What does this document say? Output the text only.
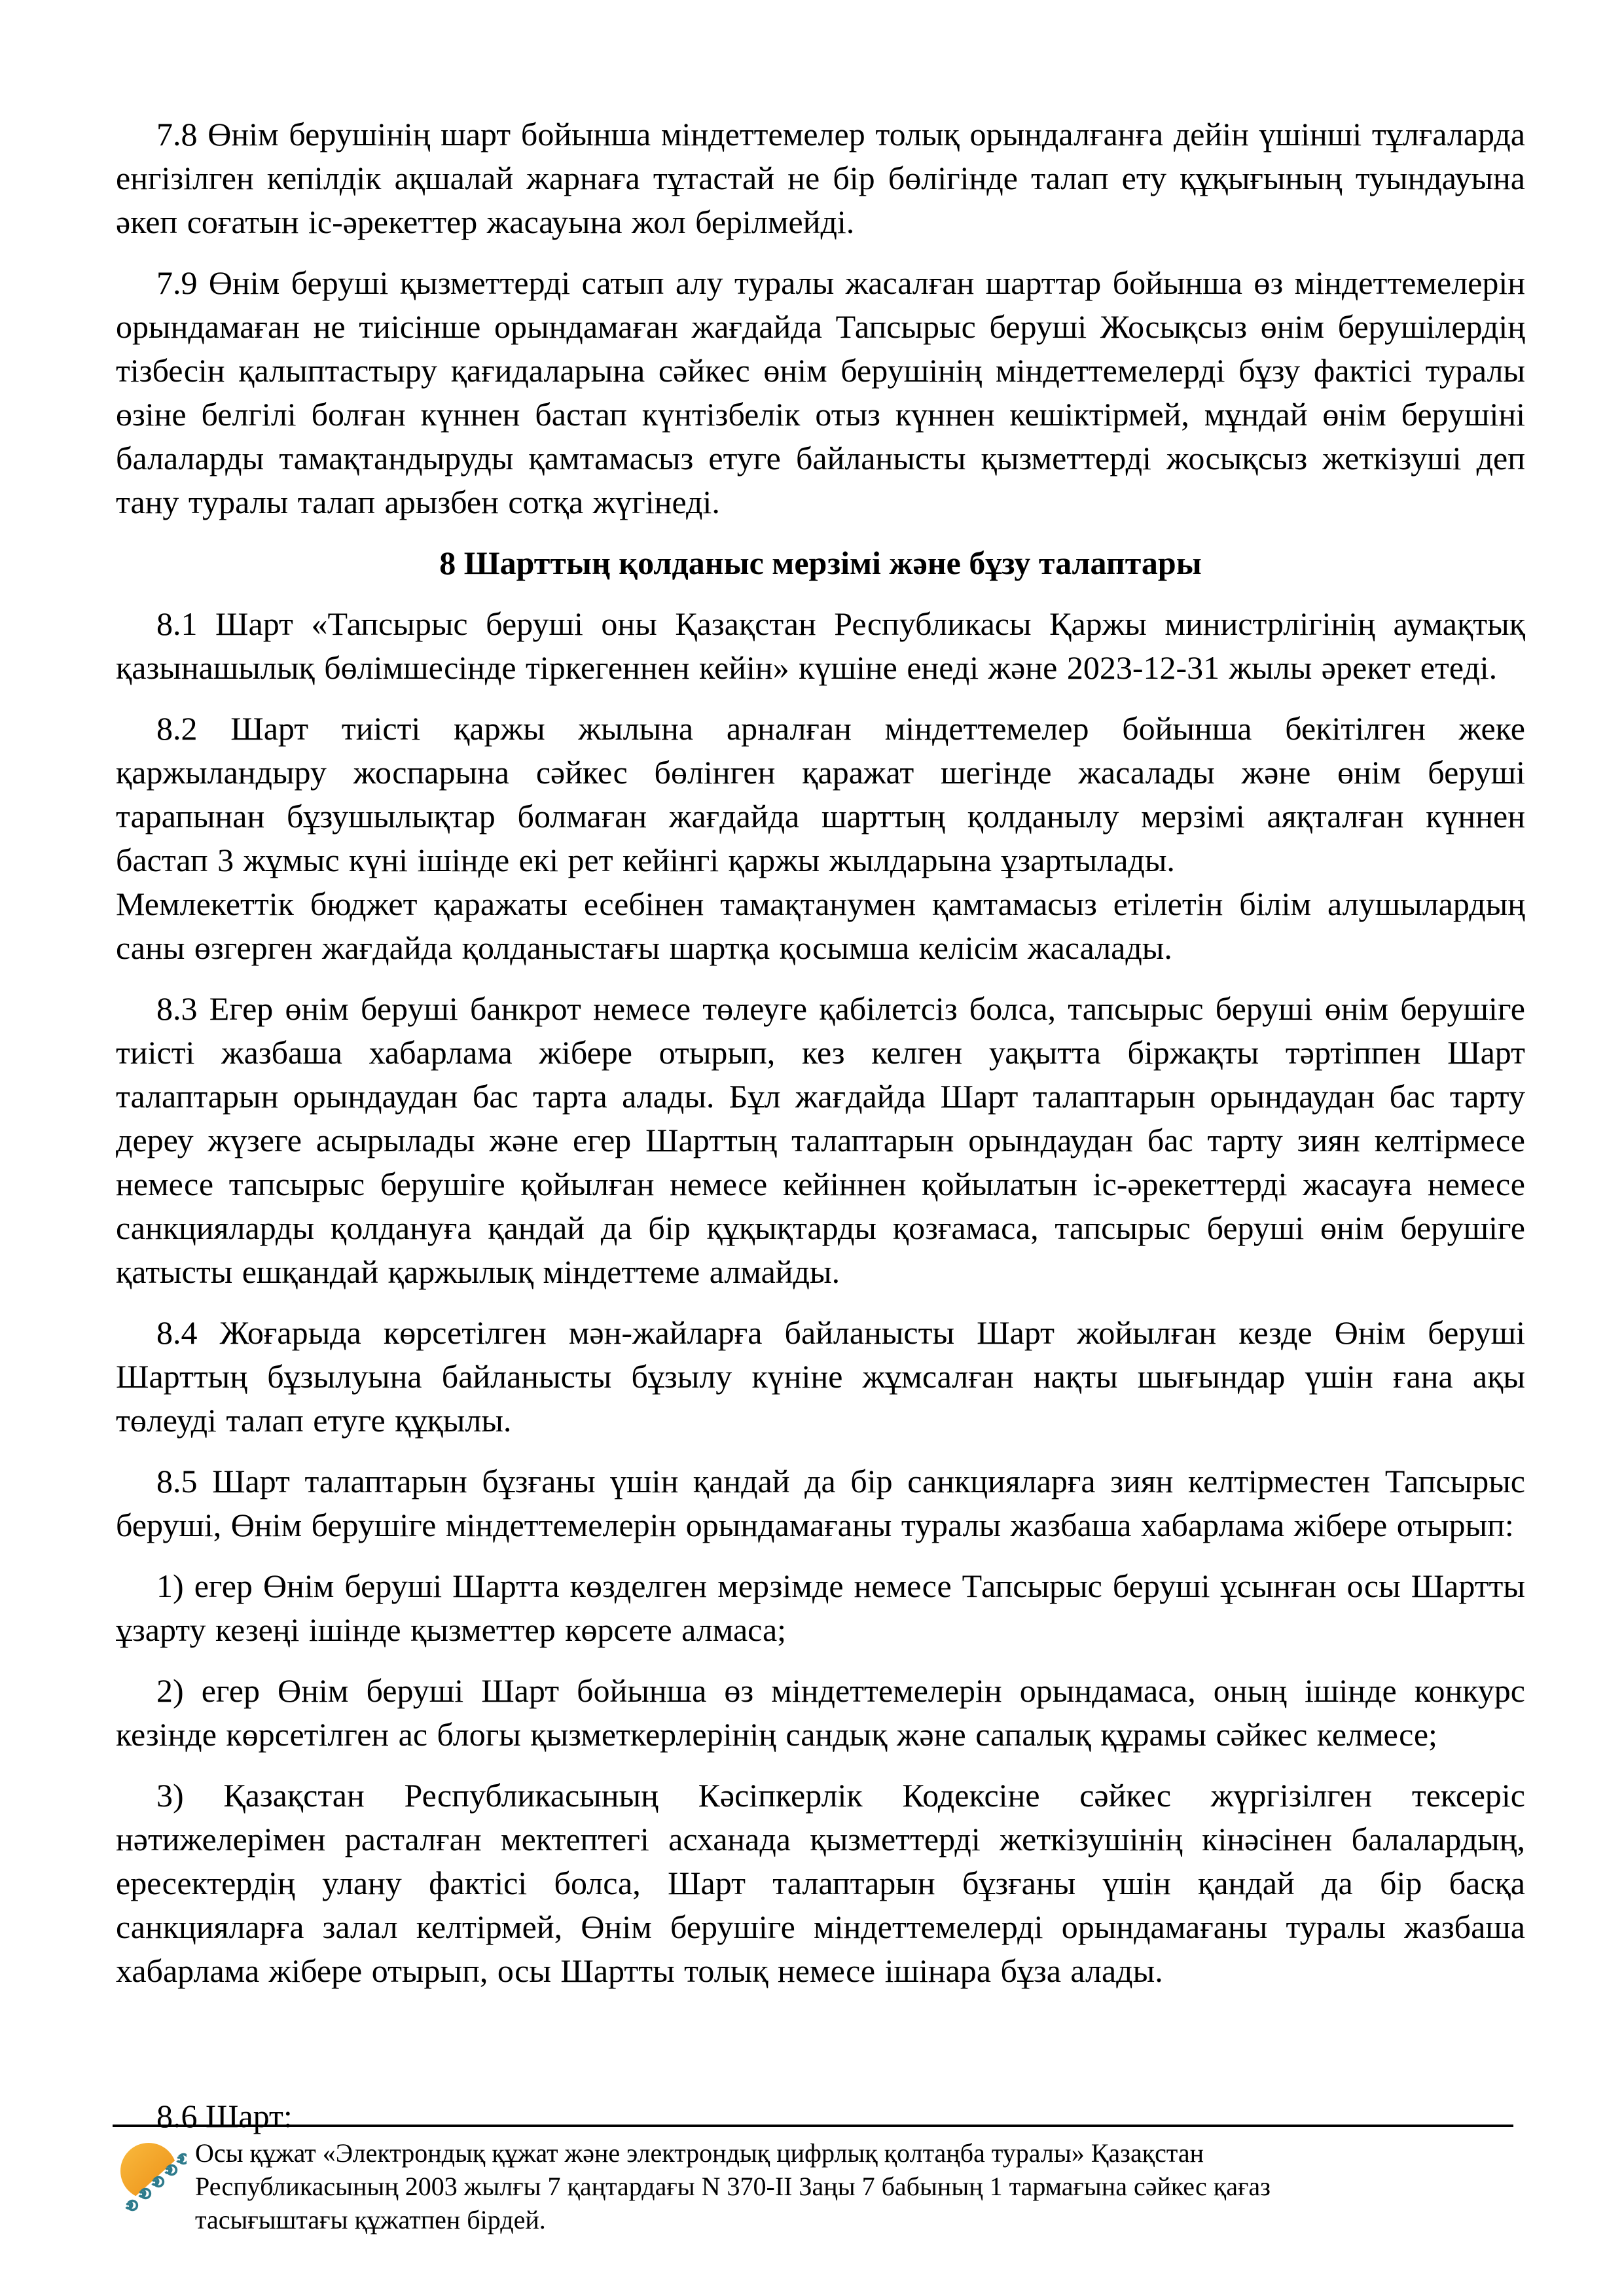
7.8 Өнім берушінің шарт бойынша міндеттемелер толық орындалғанға дейін үшінші тұлғаларда енгізілген кепілдік ақшалай жарнаға тұтастай не бір бөлігінде талап ету құқығының туындауына әкеп соғатын іс-әрекеттер жасауына жол берілмейді.

7.9 Өнім беруші қызметтерді сатып алу туралы жасалған шарттар бойынша өз міндеттемелерін орындамаған не тиісінше орындамаған жағдайда Тапсырыс беруші Жосықсыз өнім берушілердің тізбесін қалыптастыру қағидаларына сәйкес өнім берушінің міндеттемелерді бұзу фактісі туралы өзіне белгілі болған күннен бастап күнтізбелік отыз күннен кешіктірмей, мұндай өнім берушіні балаларды тамақтандыруды қамтамасыз етуге байланысты қызметтерді жосықсыз жеткізуші деп тану туралы талап арызбен сотқа жүгінеді.

8 Шарттың қолданыс мерзімі және бұзу талаптары

8.1 Шарт «Тапсырыс беруші оны Қазақстан Республикасы Қаржы министрлігінің аумақтық қазынашылық бөлімшесінде тіркегеннен кейін» күшіне енеді және 2023-12-31 жылы әрекет етеді.

8.2 Шарт тиісті қаржы жылына арналған міндеттемелер бойынша бекітілген жеке қаржыландыру жоспарына сәйкес бөлінген қаражат шегінде жасалады және өнім беруші тарапынан бұзушылықтар болмаған жағдайда шарттың қолданылу мерзімі аяқталған күннен бастап 3 жұмыс күні ішінде екі рет кейінгі қаржы жылдарына ұзартылады.

Мемлекеттік бюджет қаражаты есебінен тамақтанумен қамтамасыз етілетін білім алушылардың саны өзгерген жағдайда қолданыстағы шартқа қосымша келісім жасалады.

8.3 Егер өнім беруші банкрот немесе төлеуге қабілетсіз болса, тапсырыс беруші өнім берушіге тиісті жазбаша хабарлама жібере отырып, кез келген уақытта біржақты тәртіппен Шарт талаптарын орындаудан бас тарта алады. Бұл жағдайда Шарт талаптарын орындаудан бас тарту дереу жүзеге асырылады және егер Шарттың талаптарын орындаудан бас тарту зиян келтірмесе немесе тапсырыс берушіге қойылған немесе кейіннен қойылатын іс-әрекеттерді жасауға немесе санкцияларды қолдануға қандай да бір құқықтарды қозғамаса, тапсырыс беруші өнім берушіге қатысты ешқандай қаржылық міндеттеме алмайды.

8.4 Жоғарыда көрсетілген мән-жайларға байланысты Шарт жойылған кезде Өнім беруші Шарттың бұзылуына байланысты бұзылу күніне жұмсалған нақты шығындар үшін ғана ақы төлеуді талап етуге құқылы.

8.5 Шарт талаптарын бұзғаны үшін қандай да бір санкцияларға зиян келтірместен Тапсырыс беруші, Өнім берушіге міндеттемелерін орындамағаны туралы жазбаша хабарлама жібере отырып:

1) егер Өнім беруші Шартта көзделген мерзімде немесе Тапсырыс беруші ұсынған осы Шартты ұзарту кезеңі ішінде қызметтер көрсете алмаса;

2) егер Өнім беруші Шарт бойынша өз міндеттемелерін орындамаса, оның ішінде конкурс кезінде көрсетілген ас блогы қызметкерлерінің сандық және сапалық құрамы сәйкес келмесе;

3) Қазақстан Республикасының Кәсіпкерлік Кодексіне сәйкес жүргізілген тексеріс нәтижелерімен расталған мектептегі асханада қызметтерді жеткізушінің кінәсінен балалардың, ересектердің улану фактісі болса, Шарт талаптарын бұзғаны үшін қандай да бір басқа санкцияларға залал келтірмей, Өнім берушіге міндеттемелерді орындамағаны туралы жазбаша хабарлама жібере отырып, осы Шартты толық немесе ішінара бұза алады.

8.6 Шарт:

Осы құжат «Электрондық құжат және электрондық цифрлық қолтаңба туралы» Қазақстан
Республикасының 2003 жылғы 7 қаңтардағы N 370-II Заңы 7 бабының 1 тармағына сәйкес қағаз
тасығыштағы құжатпен бірдей.
